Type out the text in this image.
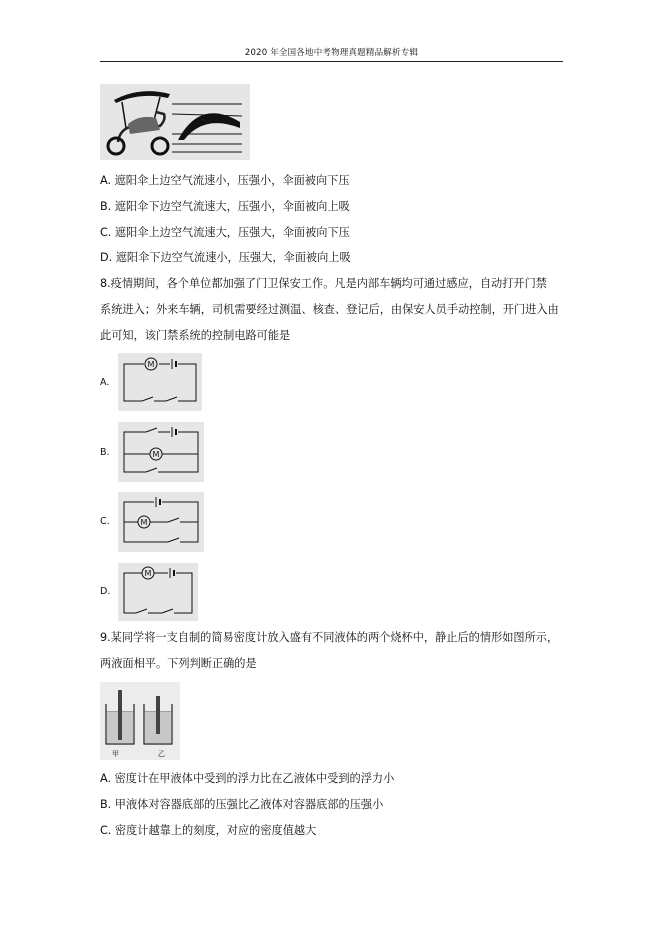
2020 年全国各地中考物理真题精品解析专辑
A. 遮阳伞上边空气流速小，压强小，伞面被向下压
B. 遮阳伞下边空气流速大，压强小，伞面被向上吸
C. 遮阳伞上边空气流速大，压强大，伞面被向下压
D. 遮阳伞下边空气流速小，压强大，伞面被向上吸
8.疫情期间，各个单位都加强了门卫保安工作。凡是内部车辆均可通过感应，自动打开门禁
系统进入；外来车辆，司机需要经过测温、核查、登记后，由保安人员手动控制，开门进入由
此可知，该门禁系统的控制电路可能是
A.
M
B.	M
C.	M
D.
M
9.某同学将一支自制的简易密度计放入盛有不同液体的两个烧杯中，静止后的情形如图所示，
两液面相平。下列判断正确的是
甲	乙
A. 密度计在甲液体中受到的浮力比在乙液体中受到的浮力小
B. 甲液体对容器底部的压强比乙液体对容器底部的压强小
C. 密度计越靠上的刻度，对应的密度值越大
